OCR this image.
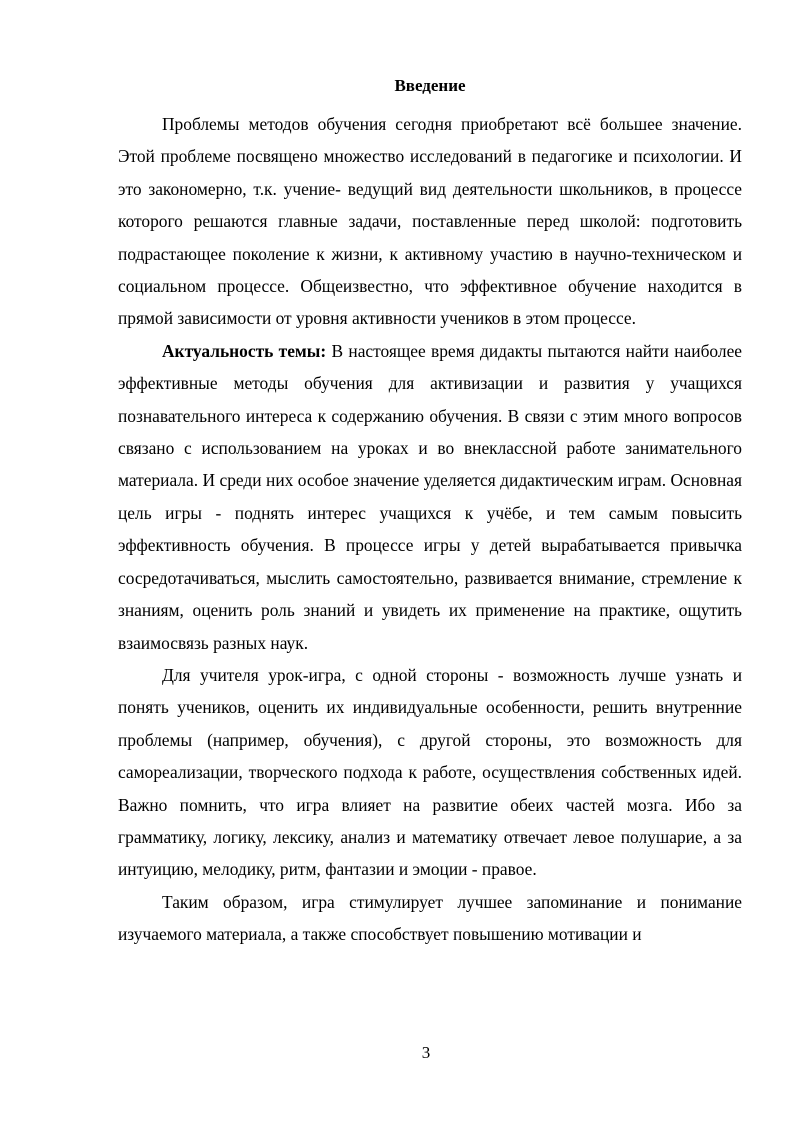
Введение

Проблемы методов обучения сегодня приобретают всё большее значение. Этой проблеме посвящено множество исследований в педагогике и психологии. И это закономерно, т.к. учение- ведущий вид деятельности школьников, в процессе которого решаются главные задачи, поставленные перед школой: подготовить подрастающее поколение к жизни, к активному участию в научно-техническом и социальном процессе. Общеизвестно, что эффективное обучение находится в прямой зависимости от уровня активности учеников в этом процессе.

Актуальность темы: В настоящее время дидакты пытаются найти наиболее эффективные методы обучения для активизации и развития у учащихся познавательного интереса к содержанию обучения. В связи с этим много вопросов связано с использованием на уроках и во внеклассной работе занимательного материала. И среди них особое значение уделяется дидактическим играм. Основная цель игры - поднять интерес учащихся к учёбе, и тем самым повысить эффективность обучения. В процессе игры у детей вырабатывается привычка сосредотачиваться, мыслить самостоятельно, развивается внимание, стремление к знаниям, оценить роль знаний и увидеть их применение на практике, ощутить взаимосвязь разных наук.

Для учителя урок-игра, с одной стороны - возможность лучше узнать и понять учеников, оценить их индивидуальные особенности, решить внутренние проблемы (например, обучения), с другой стороны, это возможность для самореализации, творческого подхода к работе, осуществления собственных идей. Важно помнить, что игра влияет на развитие обеих частей мозга. Ибо за грамматику, логику, лексику, анализ и математику отвечает левое полушарие, а за интуицию, мелодику, ритм, фантазии и эмоции - правое.

Таким образом, игра стимулирует лучшее запоминание и понимание изучаемого материала, а также способствует повышению мотивации и

3
